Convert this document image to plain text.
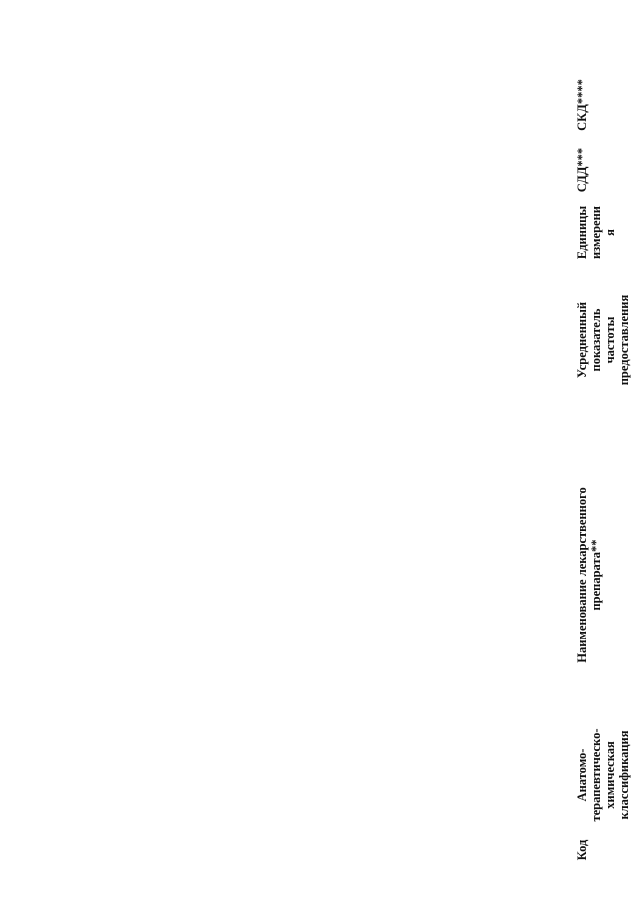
Код
Анатомо-терапевтическо-химическая классификация
Наименование лекарственного препарата**
Усредненный показатель частоты предоставления
Единицы измерения
СДД***
СКД****
